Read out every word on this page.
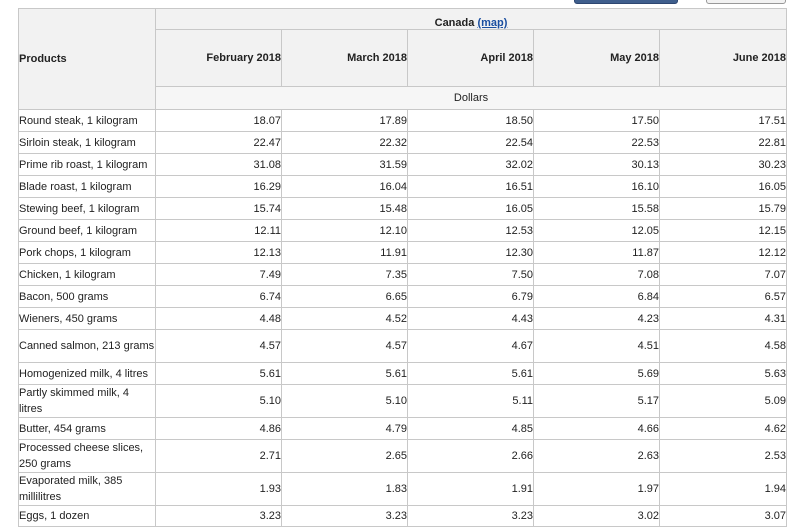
Products	Canada (map)				
	February 2018	March 2018	April 2018	May 2018	June 2018
	Dollars				
Round steak, 1 kilogram	18.07	17.89	18.50	17.50	17.51
Sirloin steak, 1 kilogram	22.47	22.32	22.54	22.53	22.81
Prime rib roast, 1 kilogram	31.08	31.59	32.02	30.13	30.23
Blade roast, 1 kilogram	16.29	16.04	16.51	16.10	16.05
Stewing beef, 1 kilogram	15.74	15.48	16.05	15.58	15.79
Ground beef, 1 kilogram	12.11	12.10	12.53	12.05	12.15
Pork chops, 1 kilogram	12.13	11.91	12.30	11.87	12.12
Chicken, 1 kilogram	7.49	7.35	7.50	7.08	7.07
Bacon, 500 grams	6.74	6.65	6.79	6.84	6.57
Wieners, 450 grams	4.48	4.52	4.43	4.23	4.31
Canned salmon, 213 grams	4.57	4.57	4.67	4.51	4.58
Homogenized milk, 4 litres	5.61	5.61	5.61	5.69	5.63
Partly skimmed milk, 4 litres	5.10	5.10	5.11	5.17	5.09
Butter, 454 grams	4.86	4.79	4.85	4.66	4.62
Processed cheese slices, 250 grams	2.71	2.65	2.66	2.63	2.53
Evaporated milk, 385 millilitres	1.93	1.83	1.91	1.97	1.94
Eggs, 1 dozen	3.23	3.23	3.23	3.02	3.07
